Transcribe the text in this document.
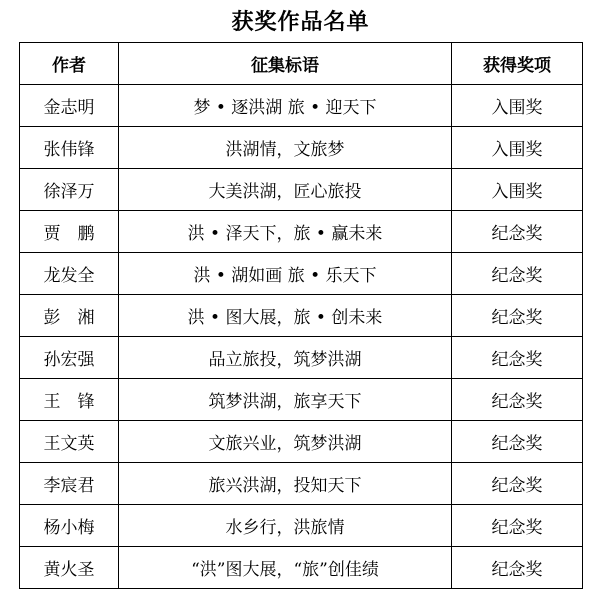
获奖作品名单
作者	征集标语	获得奖项
金志明	梦 • 逐洪湖 旅 • 迎天下	入围奖
张伟锋	洪湖情，文旅梦	入围奖
徐泽万	大美洪湖，匠心旅投	入围奖
贾　鹏	洪 • 泽天下，旅 • 赢未来	纪念奖
龙发全	洪 • 湖如画 旅 • 乐天下	纪念奖
彭　湘	洪 • 图大展，旅 • 创未来	纪念奖
孙宏强	品立旅投，筑梦洪湖	纪念奖
王　锋	筑梦洪湖，旅享天下	纪念奖
王文英	文旅兴业，筑梦洪湖	纪念奖
李宸君	旅兴洪湖，投知天下	纪念奖
杨小梅	水乡行，洪旅情	纪念奖
黄火圣	“洪”图大展，“旅”创佳绩	纪念奖
